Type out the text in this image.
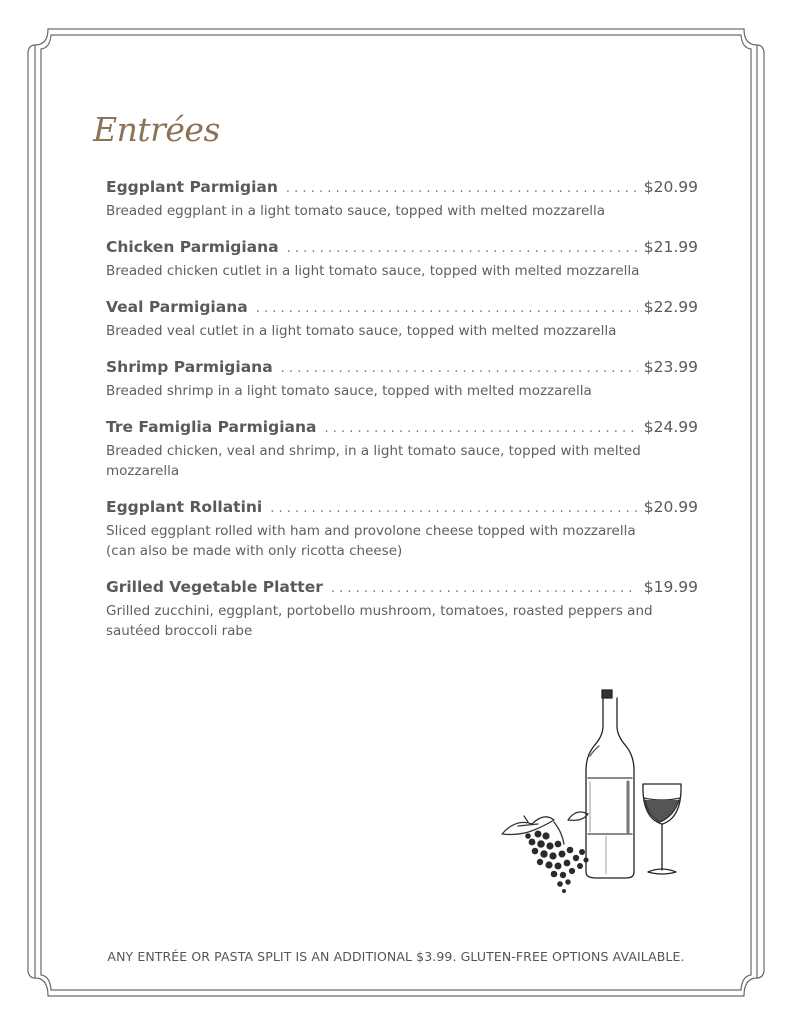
Entrées
Eggplant Parmigian . . .	$20.99
Breaded eggplant in a light tomato sauce, topped with melted mozzarella
Chicken Parmigiana . . .	$21.99
Breaded chicken cutlet in a light tomato sauce, topped with melted mozzarella
Veal Parmigiana . . .	$22.99
Breaded veal cutlet in a light tomato sauce, topped with melted mozzarella
Shrimp Parmigiana . . .	$23.99
Breaded shrimp in a light tomato sauce, topped with melted mozzarella
Tre Famiglia Parmigiana . . .	$24.99
Breaded chicken, veal and shrimp, in a light tomato sauce, topped with melted mozzarella
Eggplant Rollatini . . .	$20.99
Sliced eggplant rolled with ham and provolone cheese topped with mozzarella (can also be made with only ricotta cheese)
Grilled Vegetable Platter . . .	$19.99
Grilled zucchini, eggplant, portobello mushroom, tomatoes, roasted peppers and sautéed broccoli rabe
ANY ENTRÉE OR PASTA SPLIT IS AN ADDITIONAL $3.99. GLUTEN-FREE OPTIONS AVAILABLE.
